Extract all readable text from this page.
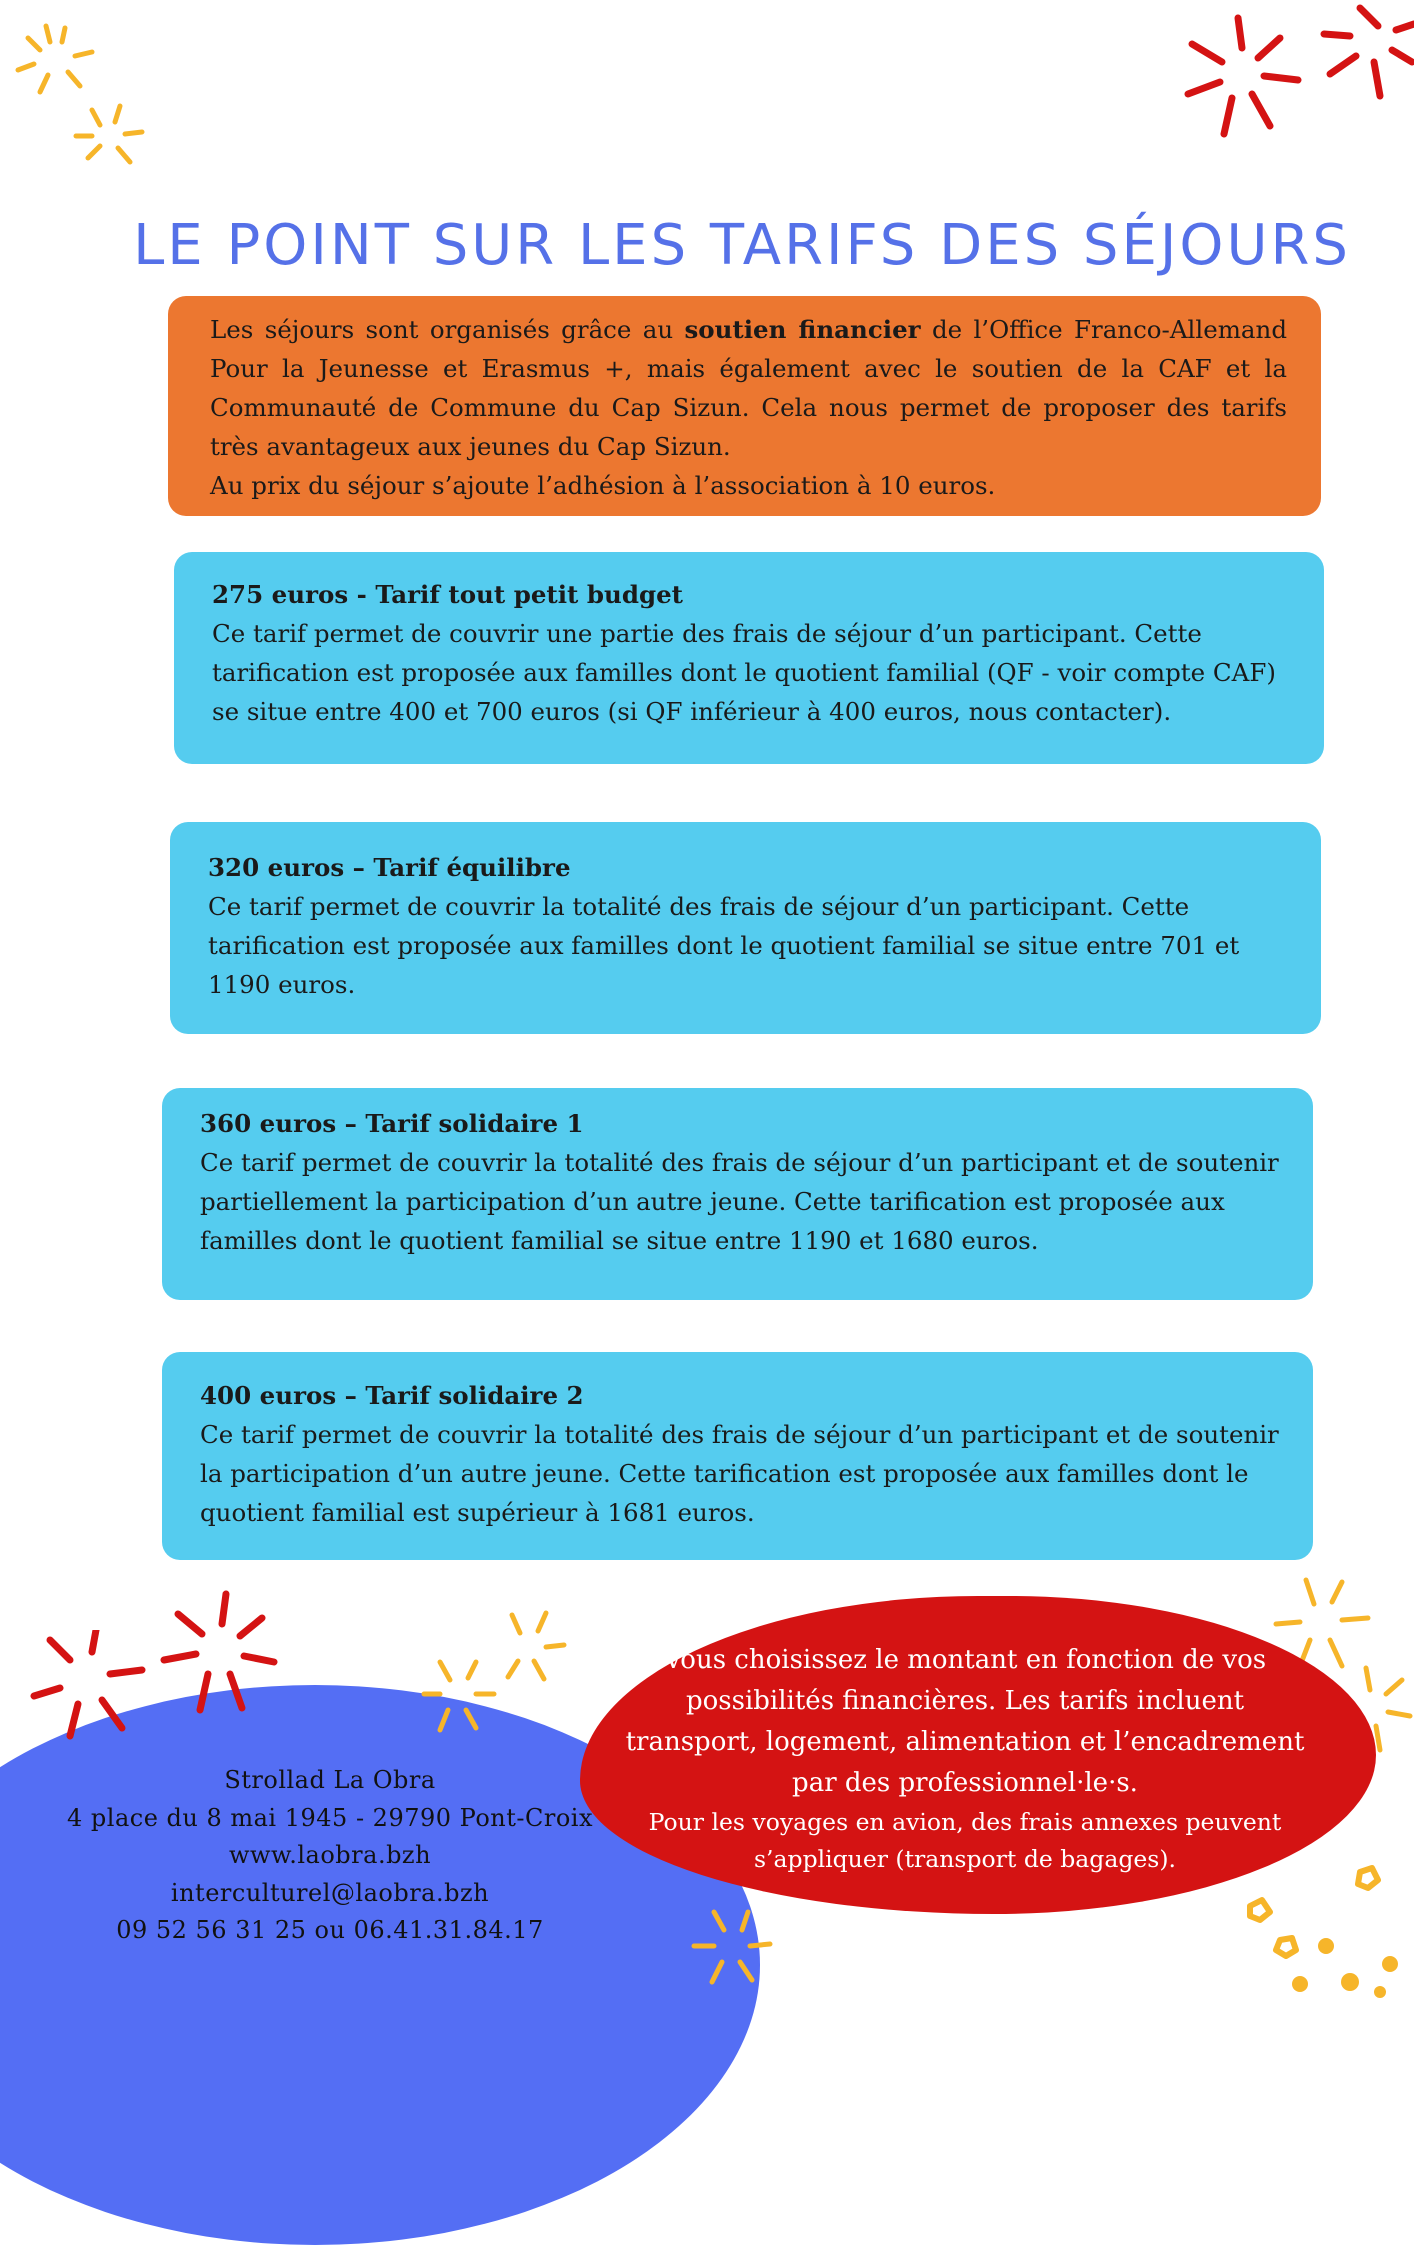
LE POINT SUR LES TARIFS DES SÉJOURS

Les séjours sont organisés grâce au soutien financier de l’Office Franco-Allemand Pour la Jeunesse et Erasmus +, mais également avec le soutien de la CAF et la Communauté de Commune du Cap Sizun. Cela nous permet de proposer des tarifs très avantageux aux jeunes du Cap Sizun.

Au prix du séjour s’ajoute l’adhésion à l’association à 10 euros.

275 euros - Tarif tout petit budget

Ce tarif permet de couvrir une partie des frais de séjour d’un participant. Cette tarification est proposée aux familles dont le quotient familial (QF - voir compte CAF) se situe entre 400 et 700 euros (si QF inférieur à 400 euros, nous contacter).

320 euros – Tarif équilibre

Ce tarif permet de couvrir la totalité des frais de séjour d’un participant. Cette tarification est proposée aux familles dont le quotient familial se situe entre 701 et 1190 euros.

360 euros – Tarif solidaire 1

Ce tarif permet de couvrir la totalité des frais de séjour d’un participant et de soutenir partiellement la participation d’un autre jeune. Cette tarification est proposée aux familles dont le quotient familial se situe entre 1190 et 1680 euros.

400 euros – Tarif solidaire 2

Ce tarif permet de couvrir la totalité des frais de séjour d’un participant et de soutenir la participation d’un autre jeune. Cette tarification est proposée aux familles dont le quotient familial est supérieur à 1681 euros.

Strollad La Obra
4 place du 8 mai 1945 - 29790 Pont-Croix
www.laobra.bzh
interculturel@laobra.bzh
09 52 56 31 25 ou 06.41.31.84.17

Vous choisissez le montant en fonction de vos possibilités financières. Les tarifs incluent transport, logement, alimentation et l’encadrement par des professionnel·le·s.

Pour les voyages en avion, des frais annexes peuvent s’appliquer (transport de bagages).
